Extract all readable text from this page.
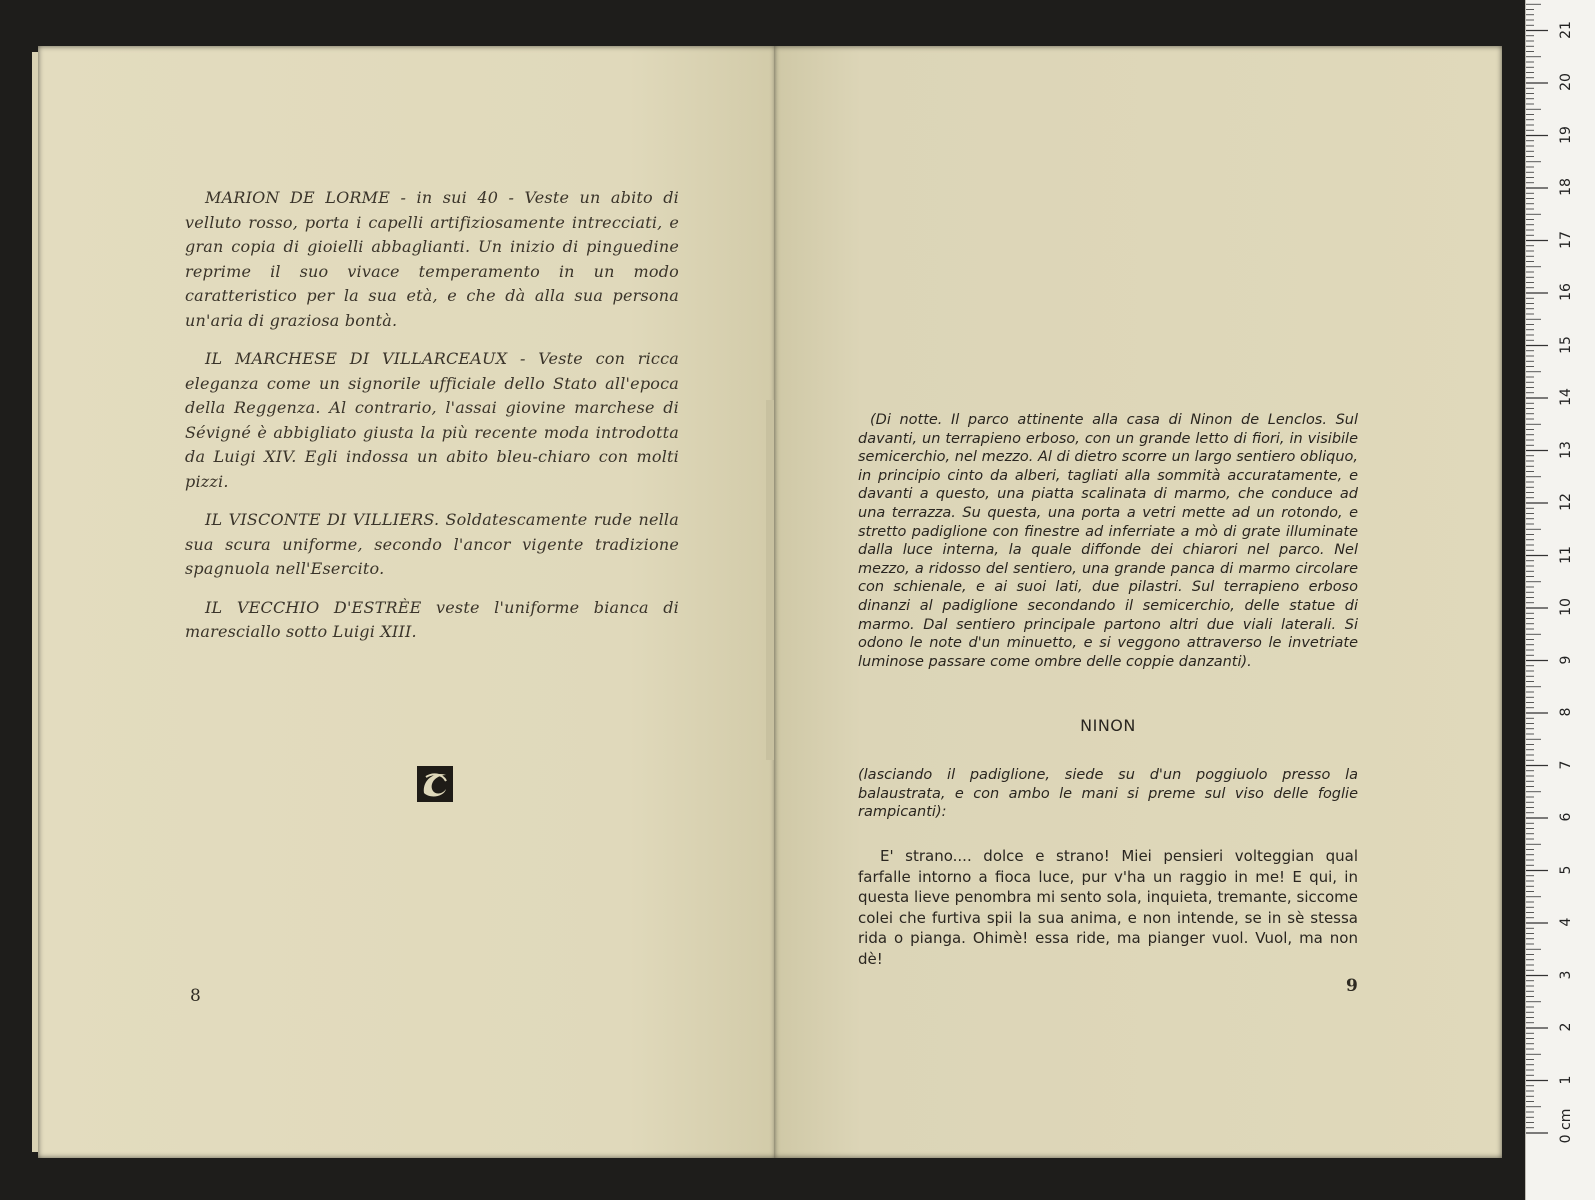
MARION DE LORME - in sui 40 - Veste un abito di velluto rosso, porta i capelli artifiziosamente intrecciati, e gran copia di gioielli abbaglianti. Un inizio di pinguedine reprime il suo vivace temperamento in un modo caratteristico per la sua età, e che dà alla sua persona un'aria di graziosa bontà.

IL MARCHESE DI VILLARCEAUX - Veste con ricca eleganza come un signorile ufficiale dello Stato all'epoca della Reggenza. Al contrario, l'assai giovine marchese di Sévigné è abbigliato giusta la più recente moda introdotta da Luigi XIV. Egli indossa un abito bleu-chiaro con molti pizzi.

IL VISCONTE DI VILLIERS. Soldatescamente rude nella sua scura uniforme, secondo l'ancor vigente tradizione spagnuola nell'Esercito.

IL VECCHIO D'ESTRÈE veste l'uniforme bianca di maresciallo sotto Luigi XIII.

8

(Di notte. Il parco attinente alla casa di Ninon de Lenclos. Sul davanti, un terrapieno erboso, con un grande letto di fiori, in visibile semicerchio, nel mezzo. Al di dietro scorre un largo sentiero obliquo, in principio cinto da alberi, tagliati alla sommità accuratamente, e davanti a questo, una piatta scalinata di marmo, che conduce ad una terrazza. Su questa, una porta a vetri mette ad un rotondo, e stretto padiglione con finestre ad inferriate a mò di grate illuminate dalla luce interna, la quale diffonde dei chiarori nel parco. Nel mezzo, a ridosso del sentiero, una grande panca di marmo circolare con schienale, e ai suoi lati, due pilastri. Sul terrapieno erboso dinanzi al padiglione secondando il semicerchio, delle statue di marmo. Dal sentiero principale partono altri due viali laterali. Si odono le note d'un minuetto, e si veggono attraverso le invetriate luminose passare come ombre delle coppie danzanti).

NINON
(lasciando il padiglione, siede su d'un poggiuolo presso la balaustrata, e con ambo le mani si preme sul viso delle foglie rampicanti):

E' strano.... dolce e strano! Miei pensieri volteggian qual farfalle intorno a fioca luce, pur v'ha un raggio in me! E qui, in questa lieve penombra mi sento sola, inquieta, tremante, siccome colei che furtiva spii la sua anima, e non intende, se in sè stessa rida o pianga. Ohimè! essa ride, ma pianger vuol. Vuol, ma non dè!

9
0 cm
1
2
3
4
5
6
7
8
9
10
11
12
13
14
15
16
17
18
19
20
21
